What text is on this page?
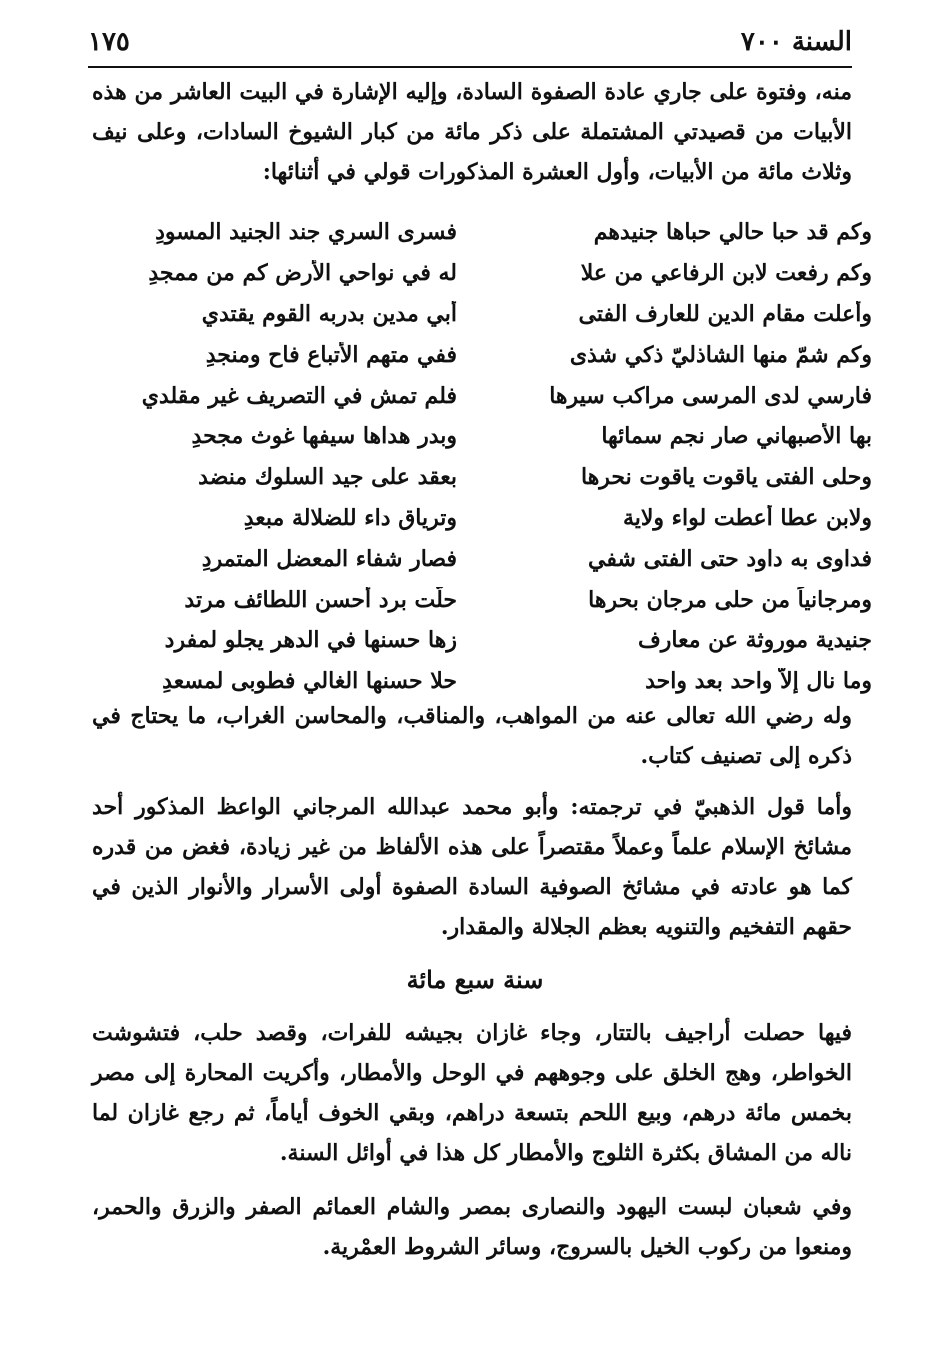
السنة ٧٠٠
١٧٥

منه، وفتوة على جاري عادة الصفوة السادة، وإليه الإشارة في البيت العاشر من هذه الأبيات من قصيدتي المشتملة على ذكر مائة من كبار الشيوخ السادات، وعلى نيف وثلاث مائة من الأبيات، وأول العشرة المذكورات قولي في أثنائها:

وكم قد حبا حالي حباها جنيدهم
فسرى السري جند الجنيد المسودِ
وكم رفعت لابن الرفاعي من علا
له في نواحي الأرض كم من ممجدِ
وأعلت مقام الدين للعارف الفتى
أبي مدين بدربه القوم يقتدي
وكم شمّ منها الشاذليّ ذكي شذى
ففي متهم الأتباع فاح ومنجدِ
فارسي لدى المرسى مراكب سيرها
فلم تمش في التصريف غير مقلدي
بها الأصبهاني صار نجم سمائها
وبدر هداها سيفها غوث مجحدِ
وحلى الفتى ياقوت ياقوت نحرها
بعقد على جيد السلوك منضد
ولابن عطا أعطت لواء ولاية
وترياق داء للضلالة مبعدِ
فداوى به داود حتى الفتى شفي
فصار شفاء المعضل المتمردِ
ومرجانياً من حلى مرجان بحرها
حلّت برد أحسن اللطائف مرتد
جنيدية موروثة عن معارف
زها حسنها في الدهر يجلو لمفرد
وما نال إلاّ واحد بعد واحد
حلا حسنها الغالي فطوبى لمسعدِ

وله رضي الله تعالى عنه من المواهب، والمناقب، والمحاسن الغراب، ما يحتاج في ذكره إلى تصنيف كتاب.

وأما قول الذهبيّ في ترجمته: وأبو محمد عبدالله المرجاني الواعظ المذكور أحد مشائخ الإسلام علماً وعملاً مقتصراً على هذه الألفاظ من غير زيادة، فغض من قدره كما هو عادته في مشائخ الصوفية السادة الصفوة أولى الأسرار والأنوار الذين في حقهم التفخيم والتنويه بعظم الجلالة والمقدار.

سنة سبع مائة

فيها حصلت أراجيف بالتتار، وجاء غازان بجيشه للفرات، وقصد حلب، فتشوشت الخواطر، وهج الخلق على وجوههم في الوحل والأمطار، وأكريت المحارة إلى مصر بخمس مائة درهم، وبيع اللحم بتسعة دراهم، وبقي الخوف أياماً، ثم رجع غازان لما ناله من المشاق بكثرة الثلوج والأمطار كل هذا في أوائل السنة.

وفي شعبان لبست اليهود والنصارى بمصر والشام العمائم الصفر والزرق والحمر، ومنعوا من ركوب الخيل بالسروج، وسائر الشروط العمْرية.
